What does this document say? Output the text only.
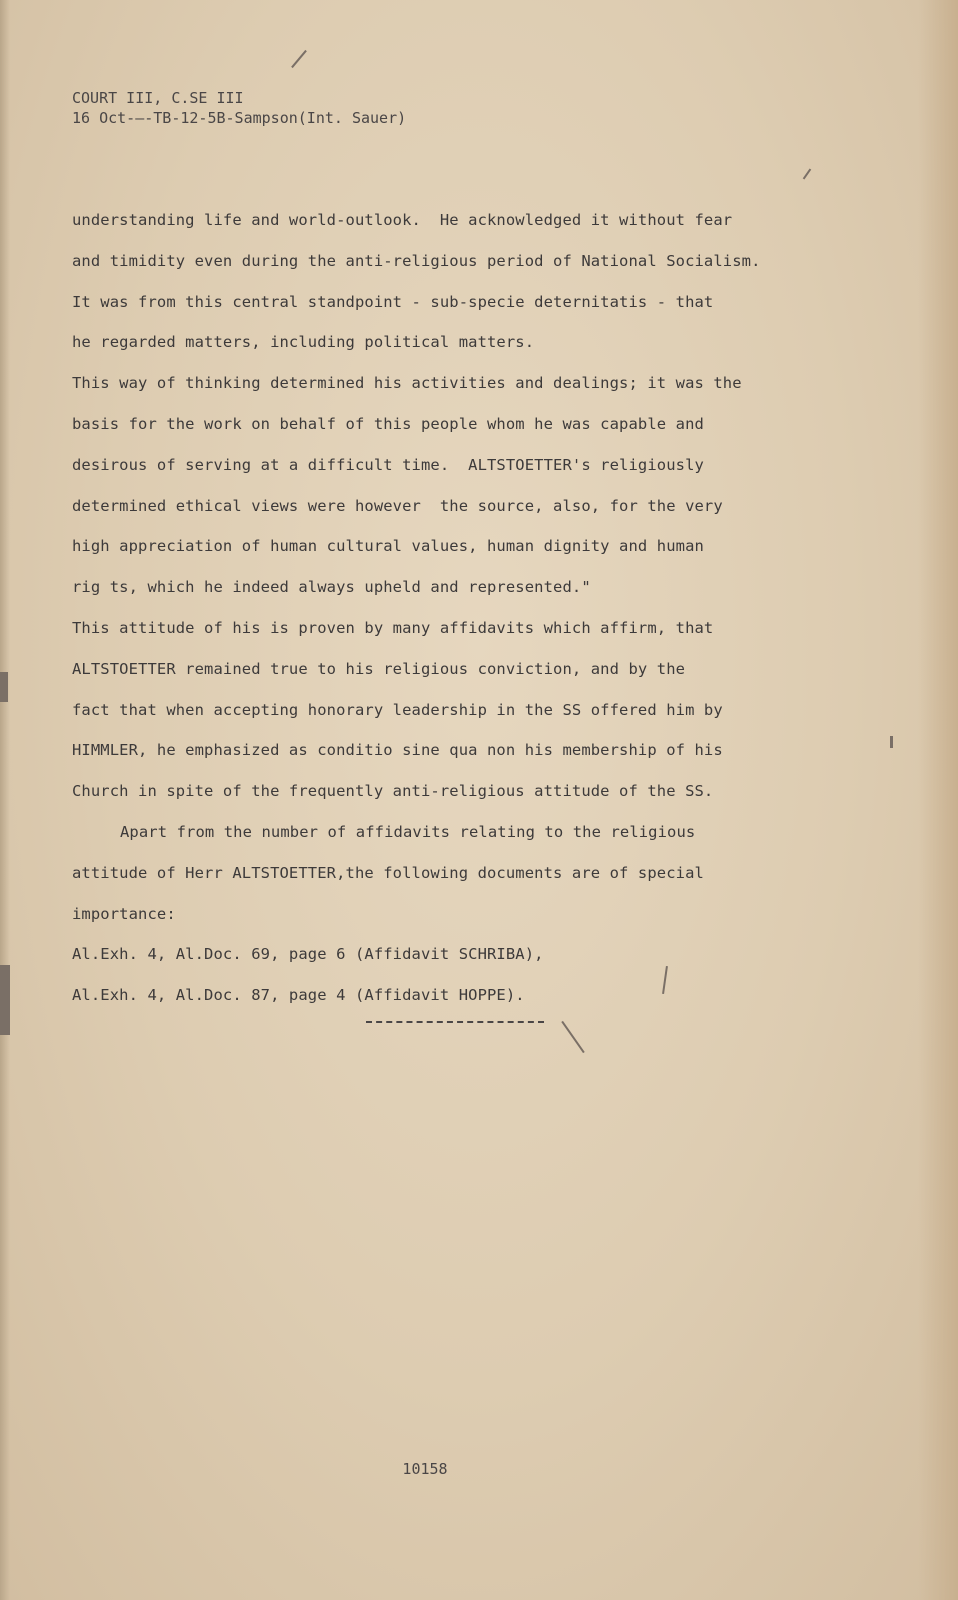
COURT III, C.SE III
16 Oct-—-TB-12-5B-Sampson(Int. Sauer)
understanding life and world-outlook.  He acknowledged it without fear
and timidity even during the anti-religious period of National Socialism.
It was from this central standpoint - sub-specie deternitatis - that
he regarded matters, including political matters.
This way of thinking determined his activities and dealings; it was the
basis for the work on behalf of this people whom he was capable and
desirous of serving at a difficult time.  ALTSTOETTER's religiously
determined ethical views were however  the source, also, for the very
high appreciation of human cultural values, human dignity and human
rig ts, which he indeed always upheld and represented."
This attitude of his is proven by many affidavits which affirm, that
ALTSTOETTER remained true to his religious conviction, and by the
fact that when accepting honorary leadership in the SS offered him by
HIMMLER, he emphasized as conditio sine qua non his membership of his
Church in spite of the frequently anti-religious attitude of the SS.
Apart from the number of affidavits relating to the religious
attitude of Herr ALTSTOETTER,the following documents are of special
importance:
Al.Exh. 4, Al.Doc. 69, page 6 (Affidavit SCHRIBA),
Al.Exh. 4, Al.Doc. 87, page 4 (Affidavit HOPPE).
10158
